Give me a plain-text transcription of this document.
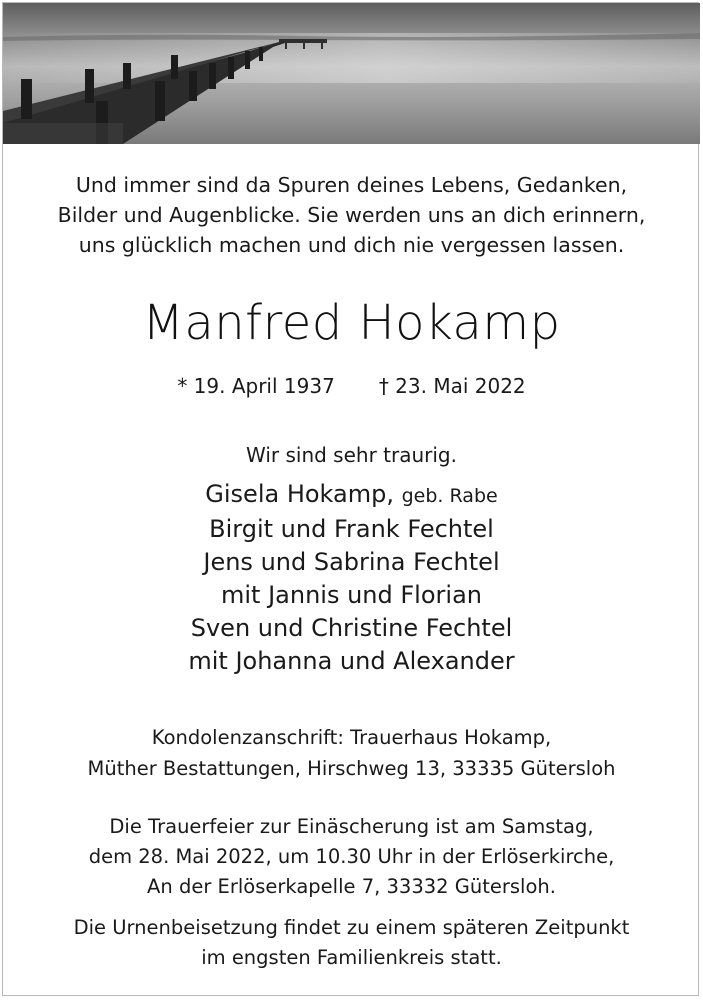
Und immer sind da Spuren deines Lebens, Gedanken,
Bilder und Augenblicke. Sie werden uns an dich erinnern,
uns glücklich machen und dich nie vergessen lassen.
Manfred Hokamp
* 19. April 1937 † 23. Mai 2022
Wir sind sehr traurig.
Gisela Hokamp, geb. Rabe
Birgit und Frank Fechtel
Jens und Sabrina Fechtel
mit Jannis und Florian
Sven und Christine Fechtel
mit Johanna und Alexander
Kondolenzanschrift: Trauerhaus Hokamp,
Müther Bestattungen, Hirschweg 13, 33335 Gütersloh
Die Trauerfeier zur Einäscherung ist am Samstag,
dem 28. Mai 2022, um 10.30 Uhr in der Erlöserkirche,
An der Erlöserkapelle 7, 33332 Gütersloh.
Die Urnenbeisetzung findet zu einem späteren Zeitpunkt
im engsten Familienkreis statt.
